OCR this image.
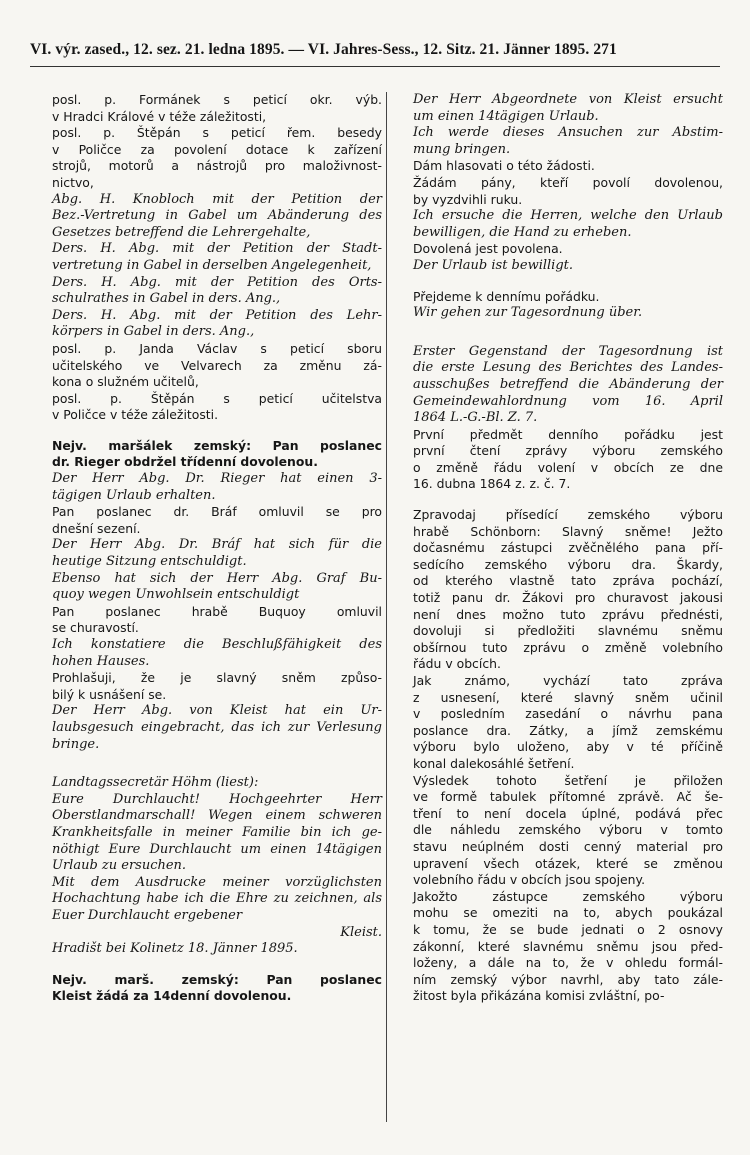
VI. výr. zased., 12. sez. 21. ledna 1895. — VI. Jahres-Sess., 12. Sitz. 21. Jänner 1895. 271
posl. p. Formánek s peticí okr. výb.
v Hradci Králové v téže záležitosti,
posl. p. Štěpán s peticí řem. besedy
v Poličce za povolení dotace k zařízení
strojů, motorů a nástrojů pro maloživnost-
nictvo,
Abg. H. Knobloch mit der Petition der
Bez.-Vertretung in Gabel um Abänderung des
Gesetzes betreffend die Lehrergehalte,
Ders. H. Abg. mit der Petition der Stadt-
vertretung in Gabel in derselben Angelegenheit,
Ders. H. Abg. mit der Petition des Orts-
schulrathes in Gabel in ders. Ang.,
Ders. H. Abg. mit der Petition des Lehr-
körpers in Gabel in ders. Ang.,
posl. p. Janda Václav s peticí sboru
učitelského ve Velvarech za změnu zá-
kona o služném učitelů,
posl. p. Štěpán s peticí učitelstva
v Poličce v téže záležitosti.
Nejv. maršálek zemský: Pan poslanec
dr. Rieger obdržel třídenní dovolenou.
Der Herr Abg. Dr. Rieger hat einen 3-
tägigen Urlaub erhalten.
Pan poslanec dr. Bráf omluvil se pro
dnešní sezení.
Der Herr Abg. Dr. Bráf hat sich für die
heutige Sitzung entschuldigt.
Ebenso hat sich der Herr Abg. Graf Bu-
quoy wegen Unwohlsein entschuldigt
Pan poslanec hrabě Buquoy omluvil
se churavostí.
Ich konstatiere die Beschlußfähigkeit des
hohen Hauses.
Prohlašuji, že je slavný sněm způso-
bilý k usnášení se.
Der Herr Abg. von Kleist hat ein Ur-
laubsgesuch eingebracht, das ich zur Verlesung
bringe.
Landtagssecretär Höhm (liest):
Eure Durchlaucht! Hochgeehrter Herr
Oberstlandmarschall! Wegen einem schweren
Krankheitsfalle in meiner Familie bin ich ge-
nöthigt Eure Durchlaucht um einen 14tägigen
Urlaub zu ersuchen.
Mit dem Ausdrucke meiner vorzüglichsten
Hochachtung habe ich die Ehre zu zeichnen, als
Euer Durchlaucht ergebener
Kleist.
Hradišt bei Kolinetz 18. Jänner 1895.
Nejv. marš. zemský: Pan poslanec
Kleist žádá za 14denní dovolenou.
Der Herr Abgeordnete von Kleist ersucht
um einen 14tägigen Urlaub.
Ich werde dieses Ansuchen zur Abstim-
mung bringen.
Dám hlasovati o této žádosti.
Žádám pány, kteří povolí dovolenou,
by vyzdvihli ruku.
Ich ersuche die Herren, welche den Urlaub
bewilligen, die Hand zu erheben.
Dovolená jest povolena.
Der Urlaub ist bewilligt.
Přejdeme k dennímu pořádku.
Wir gehen zur Tagesordnung über.
Erster Gegenstand der Tagesordnung ist
die erste Lesung des Berichtes des Landes-
ausschußes betreffend die Abänderung der
Gemeindewahlordnung vom 16. April
1864 L.-G.-Bl. Z. 7.
První předmět denního pořádku jest
první čtení zprávy výboru zemského
o změně řádu volení v obcích ze dne
16. dubna 1864 z. z. č. 7.
Zpravodaj přísedící zemského výboru
hrabě Schönborn: Slavný sněme! Ježto
dočasnému zástupci zvěčnělého pana pří-
sedícího zemského výboru dra. Škardy,
od kterého vlastně tato zpráva pochází,
totiž panu dr. Žákovi pro churavost jakousi
není dnes možno tuto zprávu přednésti,
dovoluji si předložiti slavnému sněmu
obšírnou tuto zprávu o změně volebního
řádu v obcích.
Jak známo, vychází tato zpráva
z usnesení, které slavný sněm učinil
v posledním zasedání o návrhu pana
poslance dra. Zátky, a jímž zemskému
výboru bylo uloženo, aby v té příčině
konal dalekosáhlé šetření.
Výsledek tohoto šetření je přiložen
ve formě tabulek přítomné zprávě. Ač še-
tření to není docela úplné, podává přec
dle náhledu zemského výboru v tomto
stavu neúplném dosti cenný material pro
upravení všech otázek, které se změnou
volebního řádu v obcích jsou spojeny.
Jakožto zástupce zemského výboru
mohu se omeziti na to, abych poukázal
k tomu, že se bude jednati o 2 osnovy
zákonní, které slavnému sněmu jsou před-
loženy, a dále na to, že v ohledu formál-
ním zemský výbor navrhl, aby tato zále-
žitost byla přikázána komisi zvláštní, po-
